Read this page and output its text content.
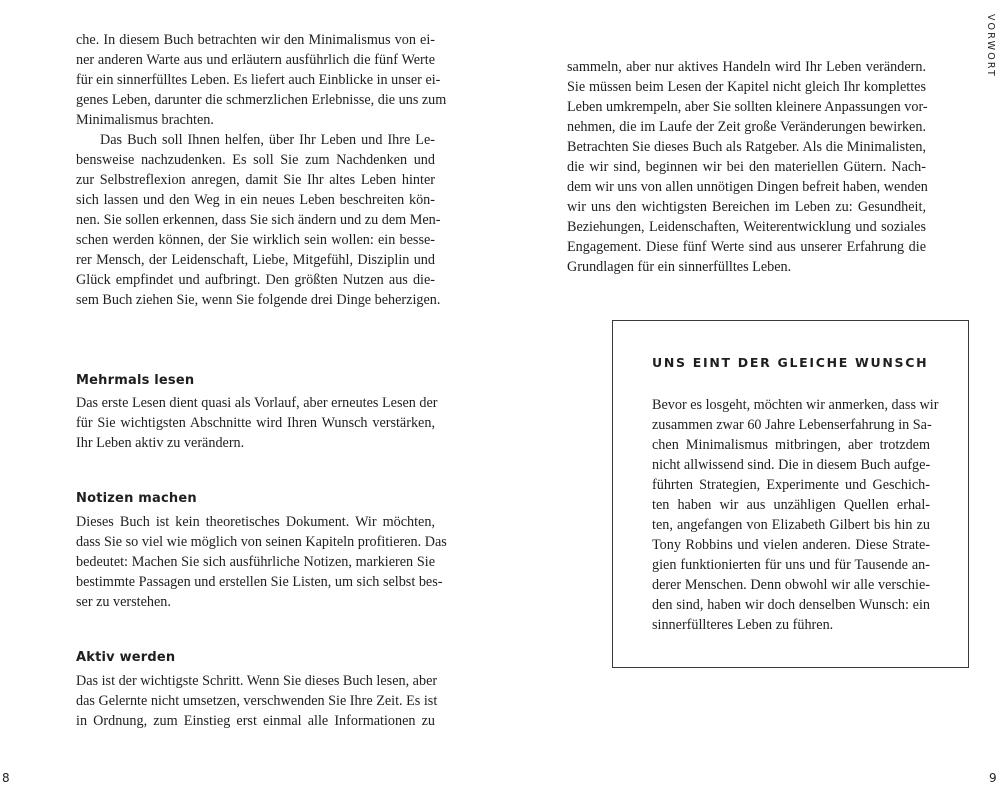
che. In diesem Buch betrachten wir den Minimalismus von ei-

ner anderen Warte aus und erläutern ausführlich die fünf Werte

für ein sinnerfülltes Leben. Es liefert auch Einblicke in unser ei-

genes Leben, darunter die schmerzlichen Erlebnisse, die uns zum

Minimalismus brachten.

Das Buch soll Ihnen helfen, über Ihr Leben und Ihre Le-

bensweise nachzudenken. Es soll Sie zum Nachdenken und

zur Selbstreflexion anregen, damit Sie Ihr altes Leben hinter

sich lassen und den Weg in ein neues Leben beschreiten kön-

nen. Sie sollen erkennen, dass Sie sich ändern und zu dem Men-

schen werden können, der Sie wirklich sein wollen: ein besse-

rer Mensch, der Leidenschaft, Liebe, Mitgefühl, Disziplin und

Glück empfindet und aufbringt. Den größten Nutzen aus die-

sem Buch ziehen Sie, wenn Sie folgende drei Dinge beherzigen.

Mehrmals lesen

Das erste Lesen dient quasi als Vorlauf, aber erneutes Lesen der

für Sie wichtigsten Abschnitte wird Ihren Wunsch verstärken,

Ihr Leben aktiv zu verändern.

Notizen machen

Dieses Buch ist kein theoretisches Dokument. Wir möchten,

dass Sie so viel wie möglich von seinen Kapiteln profitieren. Das

bedeutet: Machen Sie sich ausführliche Notizen, markieren Sie

bestimmte Passagen und erstellen Sie Listen, um sich selbst bes-

ser zu verstehen.

Aktiv werden

Das ist der wichtigste Schritt. Wenn Sie dieses Buch lesen, aber

das Gelernte nicht umsetzen, verschwenden Sie Ihre Zeit. Es ist

in Ordnung, zum Einstieg erst einmal alle Informationen zu

8

VORWORT

sammeln, aber nur aktives Handeln wird Ihr Leben verändern.

Sie müssen beim Lesen der Kapitel nicht gleich Ihr komplettes

Leben umkrempeln, aber Sie sollten kleinere Anpassungen vor-

nehmen, die im Laufe der Zeit große Veränderungen bewirken.

Betrachten Sie dieses Buch als Ratgeber. Als die Minimalisten,

die wir sind, beginnen wir bei den materiellen Gütern. Nach-

dem wir uns von allen unnötigen Dingen befreit haben, wenden

wir uns den wichtigsten Bereichen im Leben zu: Gesundheit,

Beziehungen, Leidenschaften, Weiterentwicklung und soziales

Engagement. Diese fünf Werte sind aus unserer Erfahrung die

Grundlagen für ein sinnerfülltes Leben.

UNS EINT DER GLEICHE WUNSCH

Bevor es losgeht, möchten wir anmerken, dass wir

zusammen zwar 60 Jahre Lebenserfahrung in Sa-

chen Minimalismus mitbringen, aber trotzdem

nicht allwissend sind. Die in diesem Buch aufge-

führten Strategien, Experimente und Geschich-

ten haben wir aus unzähligen Quellen erhal-

ten, angefangen von Elizabeth Gilbert bis hin zu

Tony Robbins und vielen anderen. Diese Strate-

gien funktionierten für uns und für Tausende an-

derer Menschen. Denn obwohl wir alle verschie-

den sind, haben wir doch denselben Wunsch: ein

sinnerfüllteres Leben zu führen.

9
